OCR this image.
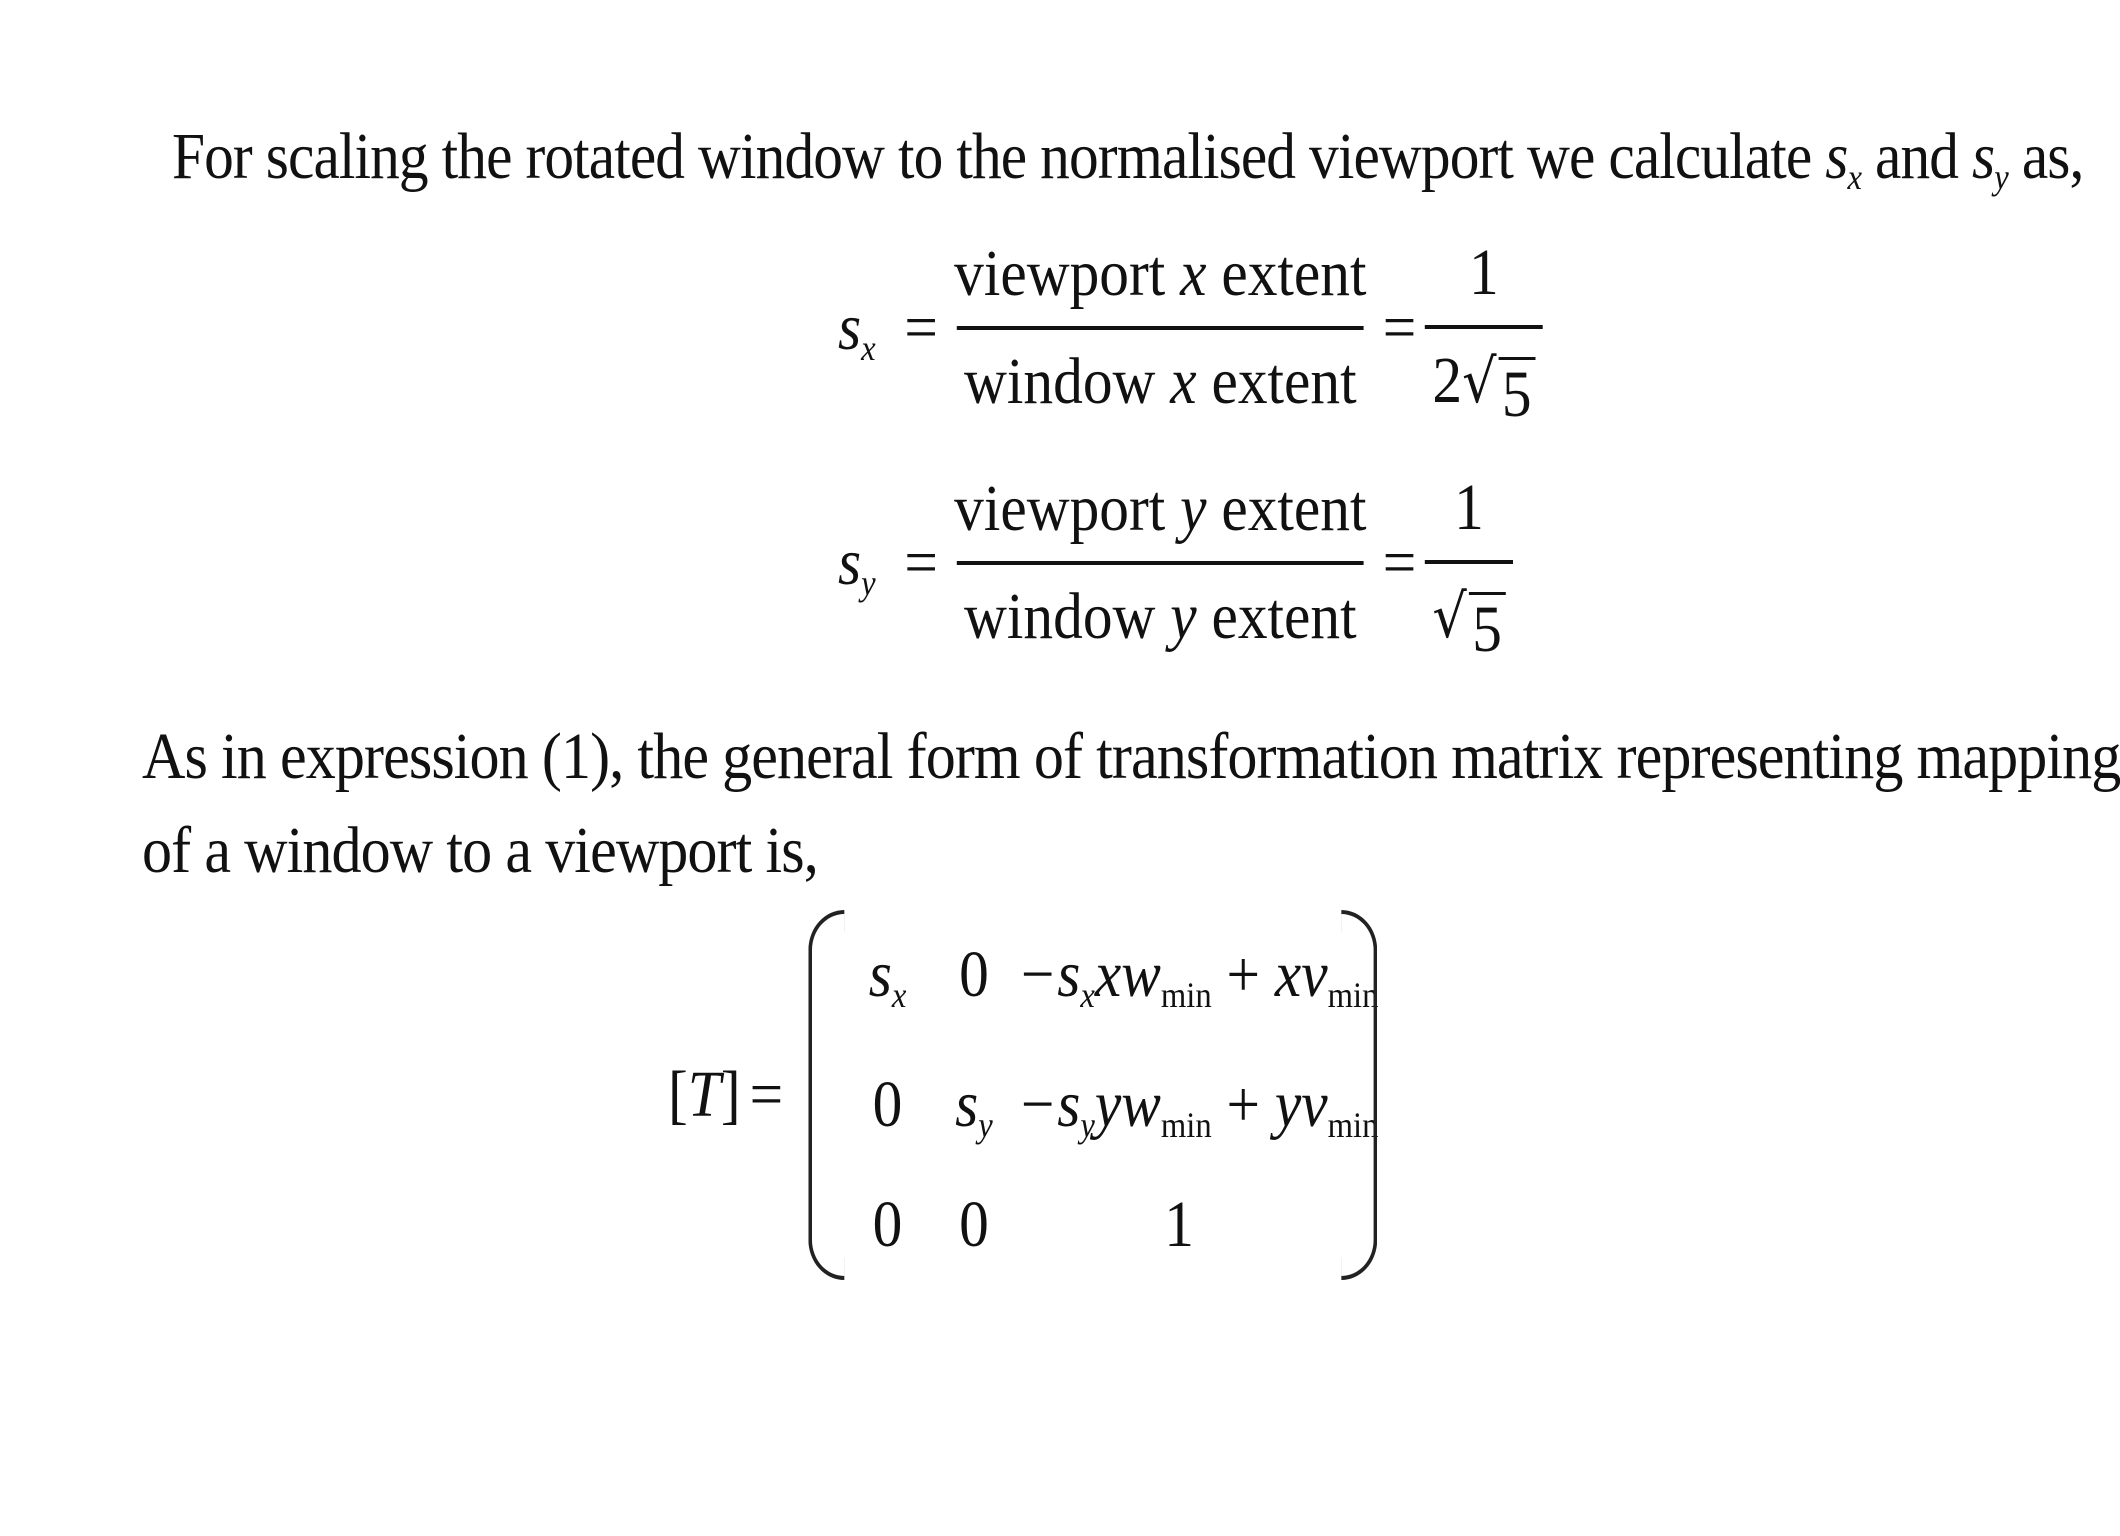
For scaling the rotated window to the normalised viewport we calculate $s_x$ and $s_y$ as,

$s_x = \frac{\text{viewport x extent}}{\text{window x extent}} = \frac{1}{2 √ 5}$
$s_y = \frac{\text{viewport y extent}}{\text{window y extent}} = \frac{1}{√ 5}$

As in expression (1), the general form of transformation matrix representing mapping
of a window to a viewport is,

[T] =
$s_x$ $0 -s_xxw_{min} + xv_{min}$
0 $s_y -s_yyw_{min} + yv_{min}$
0 0	1
